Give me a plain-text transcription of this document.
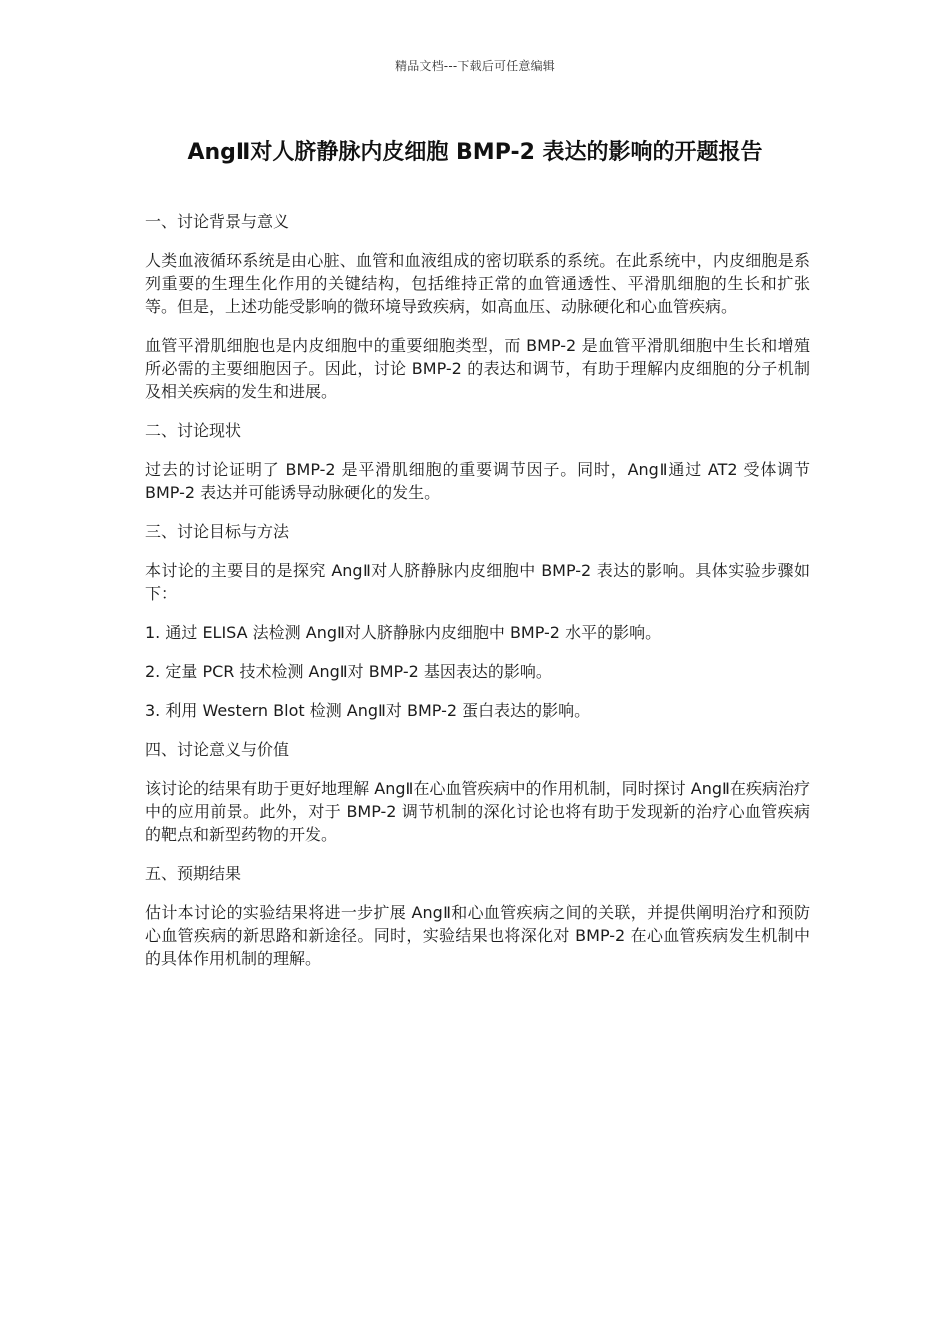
精品文档---下载后可任意编辑
AngⅡ对人脐静脉内皮细胞 BMP-2 表达的影响的开题报告
一、讨论背景与意义

人类血液循环系统是由心脏、血管和血液组成的密切联系的系统。在此系统中，内皮细胞是系列重要的生理生化作用的关键结构，包括维持正常的血管通透性、平滑肌细胞的生长和扩张等。但是，上述功能受影响的微环境导致疾病，如高血压、动脉硬化和心血管疾病。

血管平滑肌细胞也是内皮细胞中的重要细胞类型，而 BMP-2 是血管平滑肌细胞中生长和增殖所必需的主要细胞因子。因此，讨论 BMP-2 的表达和调节，有助于理解内皮细胞的分子机制及相关疾病的发生和进展。

二、讨论现状

过去的讨论证明了 BMP-2 是平滑肌细胞的重要调节因子。同时，AngⅡ通过 AT2 受体调节 BMP-2 表达并可能诱导动脉硬化的发生。

三、讨论目标与方法

本讨论的主要目的是探究 AngⅡ对人脐静脉内皮细胞中 BMP-2 表达的影响。具体实验步骤如下：

1. 通过 ELISA 法检测 AngⅡ对人脐静脉内皮细胞中 BMP-2 水平的影响。

2. 定量 PCR 技术检测 AngⅡ对 BMP-2 基因表达的影响。

3. 利用 Western Blot 检测 AngⅡ对 BMP-2 蛋白表达的影响。

四、讨论意义与价值

该讨论的结果有助于更好地理解 AngⅡ在心血管疾病中的作用机制，同时探讨 AngⅡ在疾病治疗中的应用前景。此外，对于 BMP-2 调节机制的深化讨论也将有助于发现新的治疗心血管疾病的靶点和新型药物的开发。

五、预期结果

估计本讨论的实验结果将进一步扩展 AngⅡ和心血管疾病之间的关联，并提供阐明治疗和预防心血管疾病的新思路和新途径。同时，实验结果也将深化对 BMP-2 在心血管疾病发生机制中的具体作用机制的理解。
